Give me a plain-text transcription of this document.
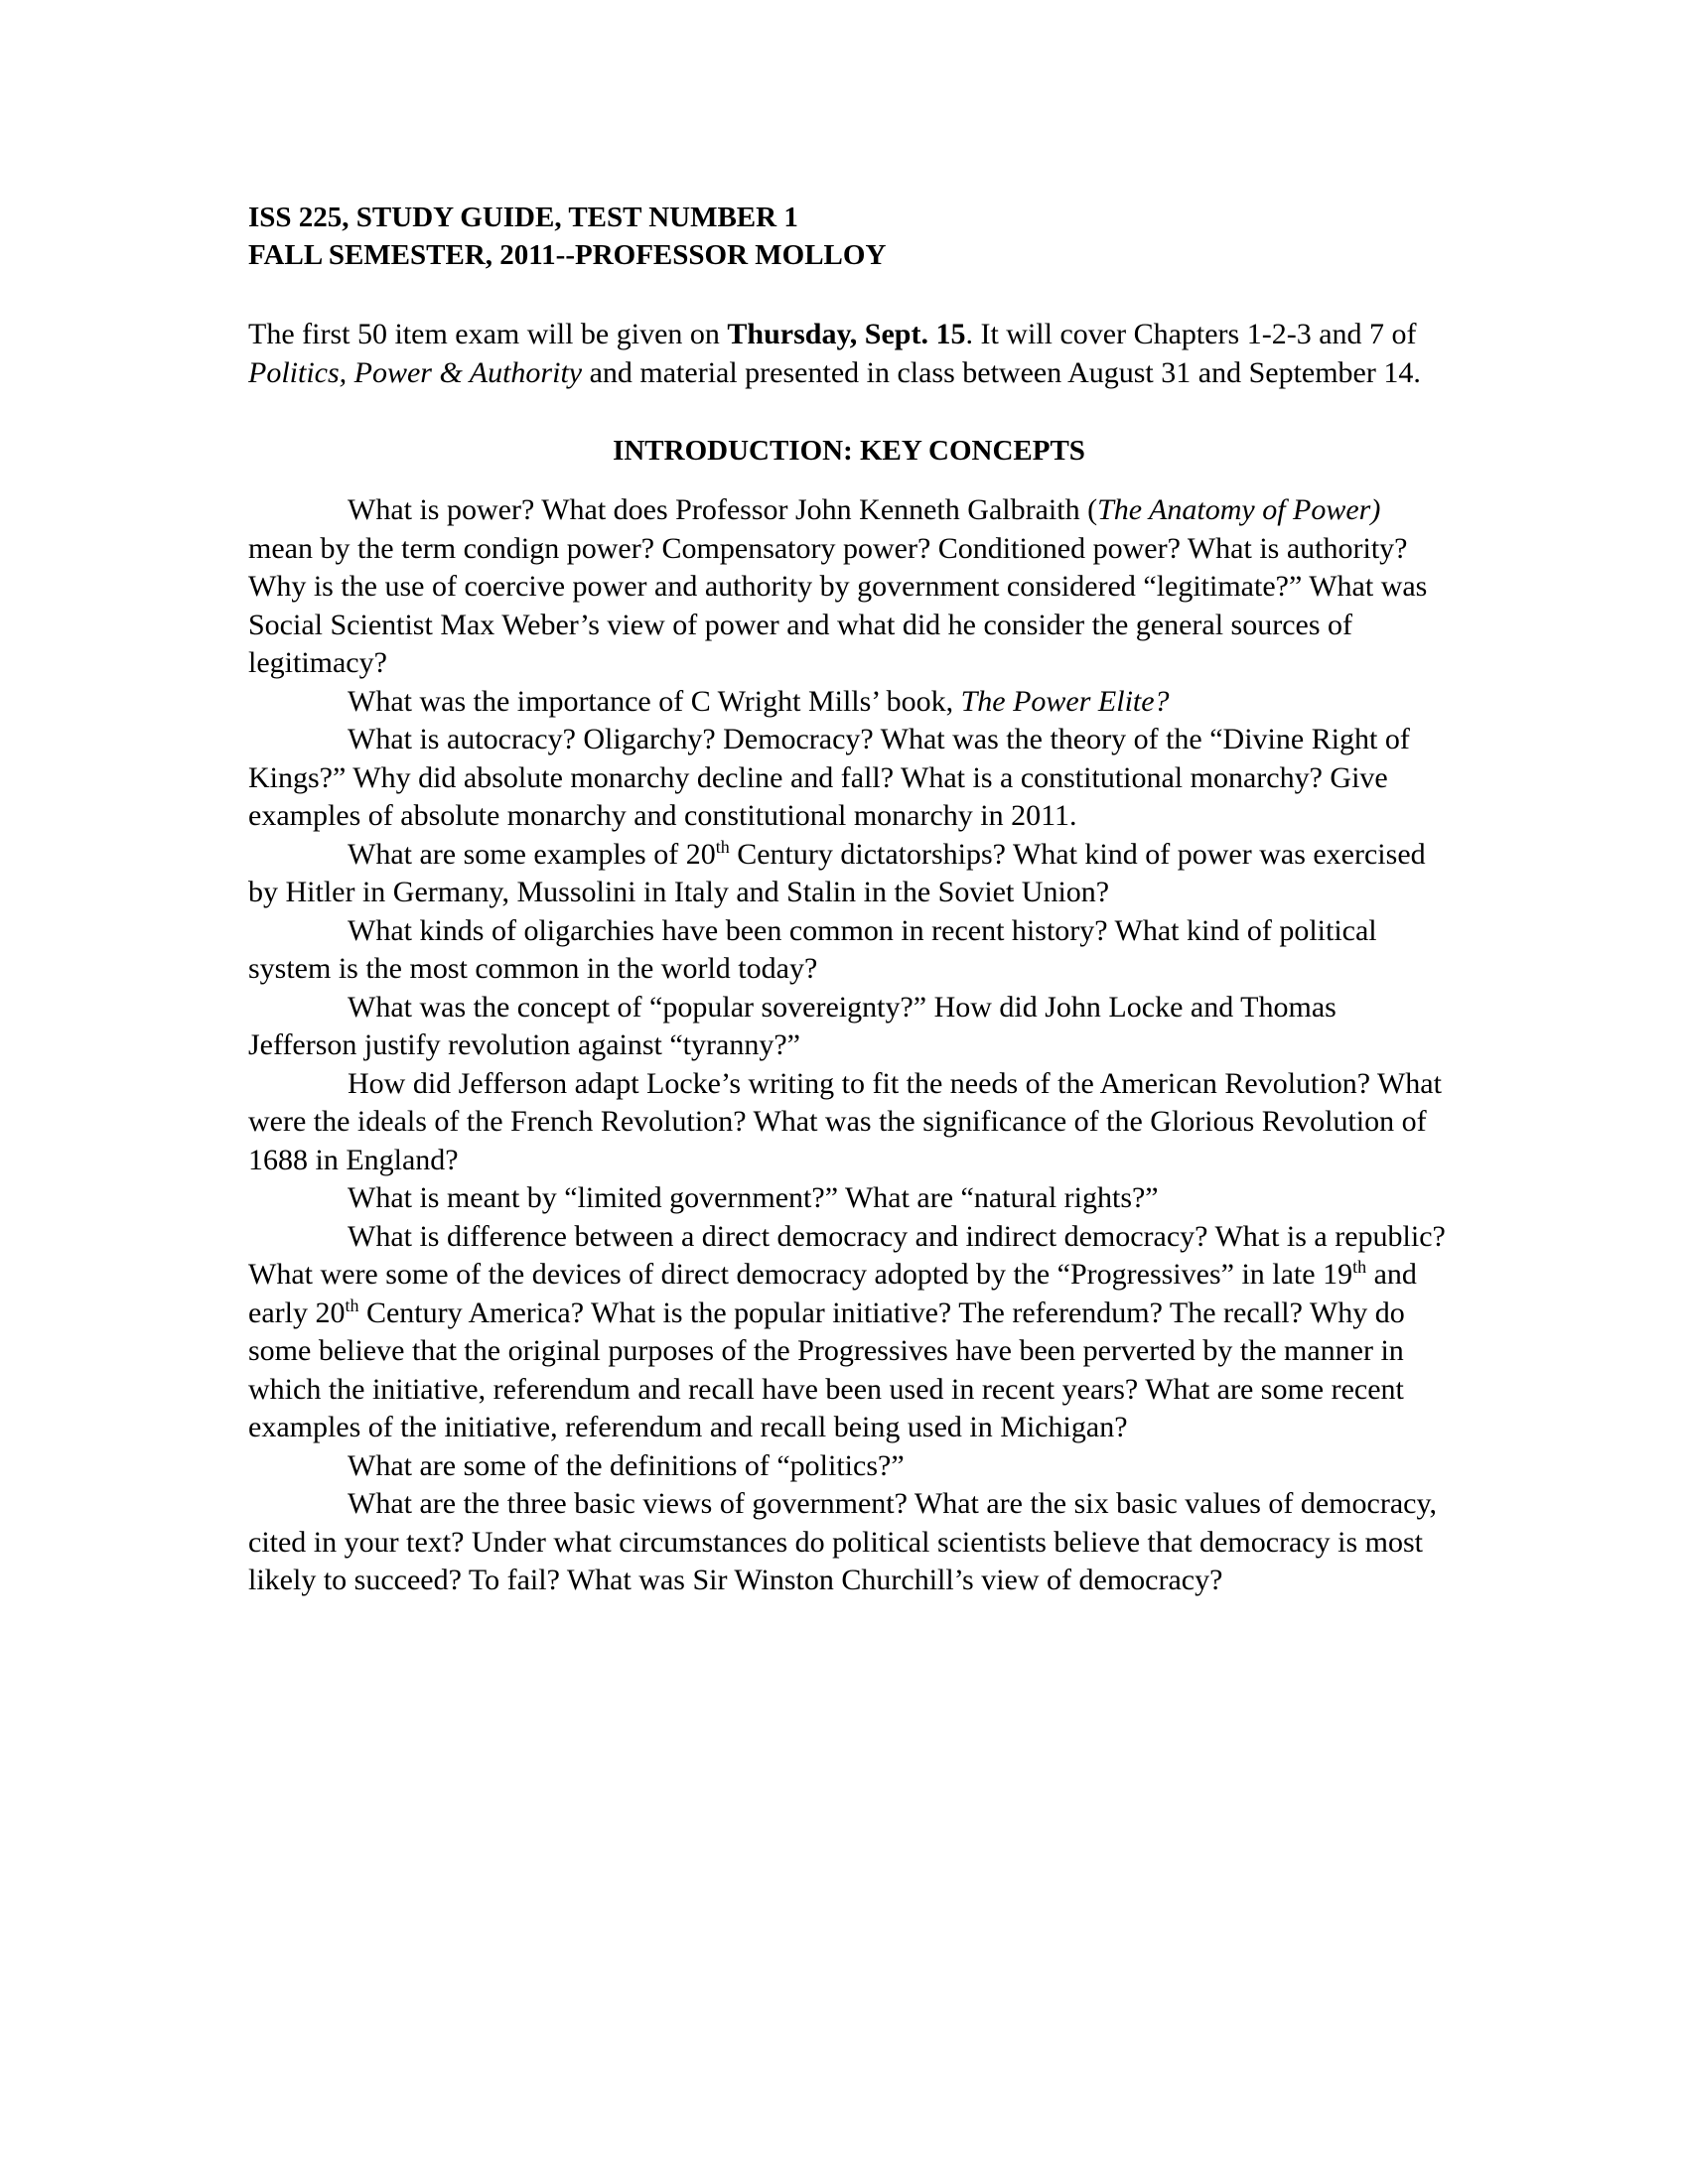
ISS 225, STUDY GUIDE, TEST NUMBER 1

FALL SEMESTER, 2011--PROFESSOR MOLLOY

The first 50 item exam will be given on Thursday, Sept. 15. It will cover Chapters 1-2-3 and 7 of Politics, Power & Authority and material presented in class between August 31 and September 14.

INTRODUCTION: KEY CONCEPTS

What is power? What does Professor John Kenneth Galbraith (The Anatomy of Power) mean by the term condign power? Compensatory power? Conditioned power? What is authority? Why is the use of coercive power and authority by government considered “legitimate?” What was Social Scientist Max Weber’s view of power and what did he consider the general sources of legitimacy?

What was the importance of C Wright Mills’ book, The Power Elite?

What is autocracy? Oligarchy? Democracy? What was the theory of the “Divine Right of Kings?” Why did absolute monarchy decline and fall? What is a constitutional monarchy? Give examples of absolute monarchy and constitutional monarchy in 2011.

What are some examples of 20th Century dictatorships? What kind of power was exercised by Hitler in Germany, Mussolini in Italy and Stalin in the Soviet Union?

What kinds of oligarchies have been common in recent history? What kind of political system is the most common in the world today?

What was the concept of “popular sovereignty?” How did John Locke and Thomas Jefferson justify revolution against “tyranny?”

How did Jefferson adapt Locke’s writing to fit the needs of the American Revolution? What were the ideals of the French Revolution? What was the significance of the Glorious Revolution of 1688 in England?

What is meant by “limited government?” What are “natural rights?”

What is difference between a direct democracy and indirect democracy? What is a republic? What were some of the devices of direct democracy adopted by the “Progressives” in late 19th and early 20th Century America? What is the popular initiative? The referendum? The recall? Why do some believe that the original purposes of the Progressives have been perverted by the manner in which the initiative, referendum and recall have been used in recent years? What are some recent examples of the initiative, referendum and recall being used in Michigan?

What are some of the definitions of “politics?”

What are the three basic views of government? What are the six basic values of democracy, cited in your text? Under what circumstances do political scientists believe that democracy is most likely to succeed? To fail? What was Sir Winston Churchill’s view of democracy?
